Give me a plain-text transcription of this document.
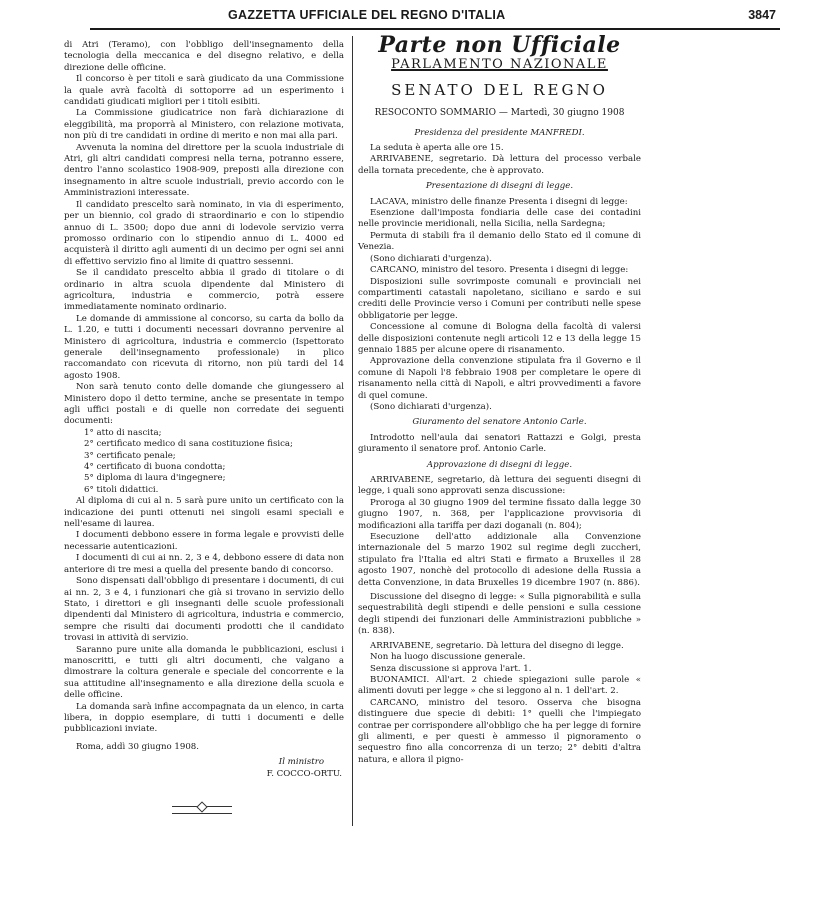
GAZZETTA UFFICIALE DEL REGNO D'ITALIA	3847

di Atri (Teramo), con l'obbligo dell'insegnamento della tecnologia della meccanica e del disegno relativo, e della direzione delle officine.

Il concorso è per titoli e sarà giudicato da una Commissione la quale avrà facoltà di sottoporre ad un esperimento i candidati giudicati migliori per i titoli esibiti.

La Commissione giudicatrice non farà dichiarazione di eleggibilità, ma proporrà al Ministero, con relazione motivata, non più di tre candidati in ordine di merito e non mai alla pari.

Avvenuta la nomina del direttore per la scuola industriale di Atri, gli altri candidati compresi nella terna, potranno essere, dentro l'anno scolastico 1908-909, preposti alla direzione con insegnamento in altre scuole industriali, previo accordo con le Amministrazioni interessate.

Il candidato prescelto sarà nominato, in via di esperimento, per un biennio, col grado di straordinario e con lo stipendio annuo di L. 3500; dopo due anni di lodevole servizio verra promosso ordinario con lo stipendio annuo di L. 4000 ed acquisterà il diritto agli aumenti di un decimo per ogni sei anni di effettivo servizio fino al limite di quattro sessenni.

Se il candidato prescelto abbia il grado di titolare o di ordinario in altra scuola dipendente dal Ministero di agricoltura, industria e commercio, potrà essere immediatamente nominato ordinario.

Le domande di ammissione al concorso, su carta da bollo da L. 1.20, e tutti i documenti necessari dovranno pervenire al Ministero di agricoltura, industria e commercio (Ispettorato generale dell'insegnamento professionale) in plico raccomandato con ricevuta di ritorno, non più tardi del 14 agosto 1908.

Non sarà tenuto conto delle domande che giungessero al Ministero dopo il detto termine, anche se presentate in tempo agli uffici postali e di quelle non corredate dei seguenti documenti:

1° atto di nascita;

2° certificato medico di sana costituzione fisica;

3° certificato penale;

4° certificato di buona condotta;

5° diploma di laura d'ingegnere;

6° titoli didattici.

Al diploma di cui al n. 5 sarà pure unito un certificato con la indicazione dei punti ottenuti nei singoli esami speciali e nell'esame di laurea.

I documenti debbono essere in forma legale e provvisti delle necessarie autenticazioni.

I documenti di cui ai nn. 2, 3 e 4, debbono essere di data non anteriore di tre mesi a quella del presente bando di concorso.

Sono dispensati dall'obbligo di presentare i documenti, di cui ai nn. 2, 3 e 4, i funzionari che già si trovano in servizio dello Stato, i direttori e gli insegnanti delle scuole professionali dipendenti dal Ministero di agricoltura, industria e commercio, sempre che risulti dai documenti prodotti che il candidato trovasi in attività di servizio.

Saranno pure unite alla domanda le pubblicazioni, esclusi i manoscritti, e tutti gli altri documenti, che valgano a dimostrare la coltura generale e speciale del concorrente e la sua attitudine all'insegnamento e alla direzione della scuola e delle officine.

La domanda sarà infine accompagnata da un elenco, in carta libera, in doppio esemplare, di tutti i documenti e delle pubblicazioni inviate.

Roma, addì 30 giugno 1908.

Il ministro

F. COCCO-ORTU.

Parte non Ufficiale
PARLAMENTO NAZIONALE
SENATO DEL REGNO
RESOCONTO SOMMARIO — Martedì, 30 giugno 1908
Presidenza del presidente MANFREDI.

La seduta è aperta alle ore 15.

ARRIVABENE, segretario. Dà lettura del processo verbale della tornata precedente, che è approvato.

Presentazione di disegni di legge.

LACAVA, ministro delle finanze Presenta i disegni di legge:

Esenzione dall'imposta fondiaria delle case dei contadini nelle provincie meridionali, nella Sicilia, nella Sardegna;

Permuta di stabili fra il demanio dello Stato ed il comune di Venezia.

(Sono dichiarati d'urgenza).

CARCANO, ministro del tesoro. Presenta i disegni di legge:

Disposizioni sulle sovrimposte comunali e provinciali nei compartimenti catastali napoletano, siciliano e sardo e sui crediti delle Provincie verso i Comuni per contributi nelle spese obbligatorie per legge.

Concessione al comune di Bologna della facoltà di valersi delle disposizioni contenute negli articoli 12 e 13 della legge 15 gennaio 1885 per alcune opere di risanamento.

Approvazione della convenzione stipulata fra il Governo e il comune di Napoli l'8 febbraio 1908 per completare le opere di risanamento nella città di Napoli, e altri provvedimenti a favore di quel comune.

(Sono dichiarati d'urgenza).

Giuramento del senatore Antonio Carle.

Introdotto nell'aula dai senatori Rattazzi e Golgi, presta giuramento il senatore prof. Antonio Carle.

Approvazione di disegni di legge.

ARRIVABENE, segretario, dà lettura dei seguenti disegni di legge, i quali sono approvati senza discussione:

Proroga al 30 giugno 1909 del termine fissato dalla legge 30 giugno 1907, n. 368, per l'applicazione provvisoria di modificazioni alla tariffa per dazi doganali (n. 804);

Esecuzione dell'atto addizionale alla Convenzione internazionale del 5 marzo 1902 sul regime degli zuccheri, stipulato fra l'Italia ed altri Stati e firmato a Bruxelles il 28 agosto 1907, nonchè del protocollo di adesione della Russia a detta Convenzione, in data Bruxelles 19 dicembre 1907 (n. 886).

Discussione del disegno di legge: « Sulla pignorabilità e sulla sequestrabilità degli stipendi e delle pensioni e sulla cessione degli stipendi dei funzionari delle Amministrazioni pubbliche » (n. 838).

ARRIVABENE, segretario. Dà lettura del disegno di legge.

Non ha luogo discussione generale.

Senza discussione si approva l'art. 1.

BUONAMICI. All'art. 2 chiede spiegazioni sulle parole « alimenti dovuti per legge » che si leggono al n. 1 dell'art. 2.

CARCANO, ministro del tesoro. Osserva che bisogna distinguere due specie di debiti: 1° quelli che l'impiegato contrae per corrispondere all'obbligo che ha per legge di fornire gli alimenti, e per questi è ammesso il pignoramento o sequestro fino alla concorrenza di un terzo; 2° debiti d'altra natura, e allora il pigno-
